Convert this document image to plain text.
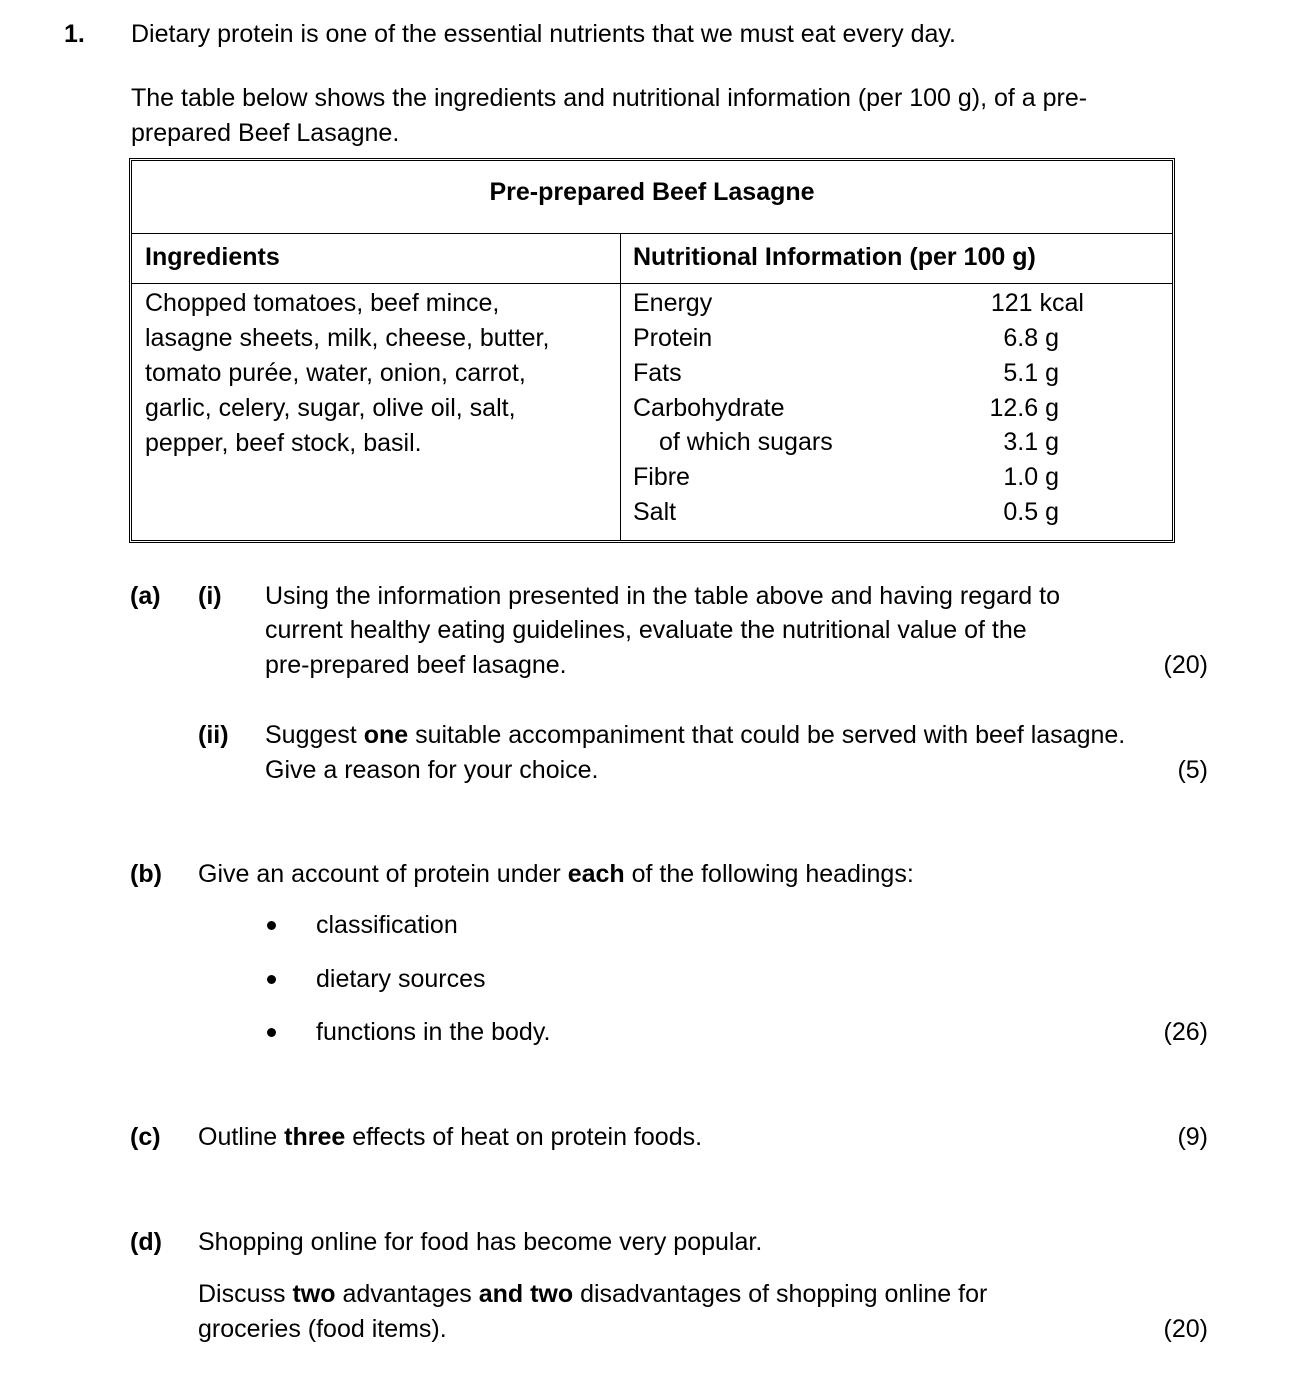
1. Dietary protein is one of the essential nutrients that we must eat every day.
The table below shows the ingredients and nutritional information (per 100 g), of a pre-prepared Beef Lasagne.
Pre-prepared Beef Lasagne
Ingredients	Nutritional Information (per 100 g)
Chopped tomatoes, beef mince,
lasagne sheets, milk, cheese, butter,
tomato purée, water, onion, carrot,
garlic, celery, sugar, olive oil, salt,
pepper, beef stock, basil.
Energy	121 kcal
Protein	6.8 g
Fats	5.1 g
Carbohydrate	12.6 g
of which sugars	3.1 g
Fibre	1.0 g
Salt	0.5 g
(a) (i) Using the information presented in the table above and having regard to
current healthy eating guidelines, evaluate the nutritional value of the
pre-prepared beef lasagne.	(20)
(ii) Suggest one suitable accompaniment that could be served with beef lasagne.
Give a reason for your choice.	(5)
(b) Give an account of protein under each of the following headings:
classification
dietary sources
functions in the body.	(26)
(c) Outline three effects of heat on protein foods.	(9)
(d) Shopping online for food has become very popular.
Discuss two advantages and two disadvantages of shopping online for
groceries (food items).	(20)
